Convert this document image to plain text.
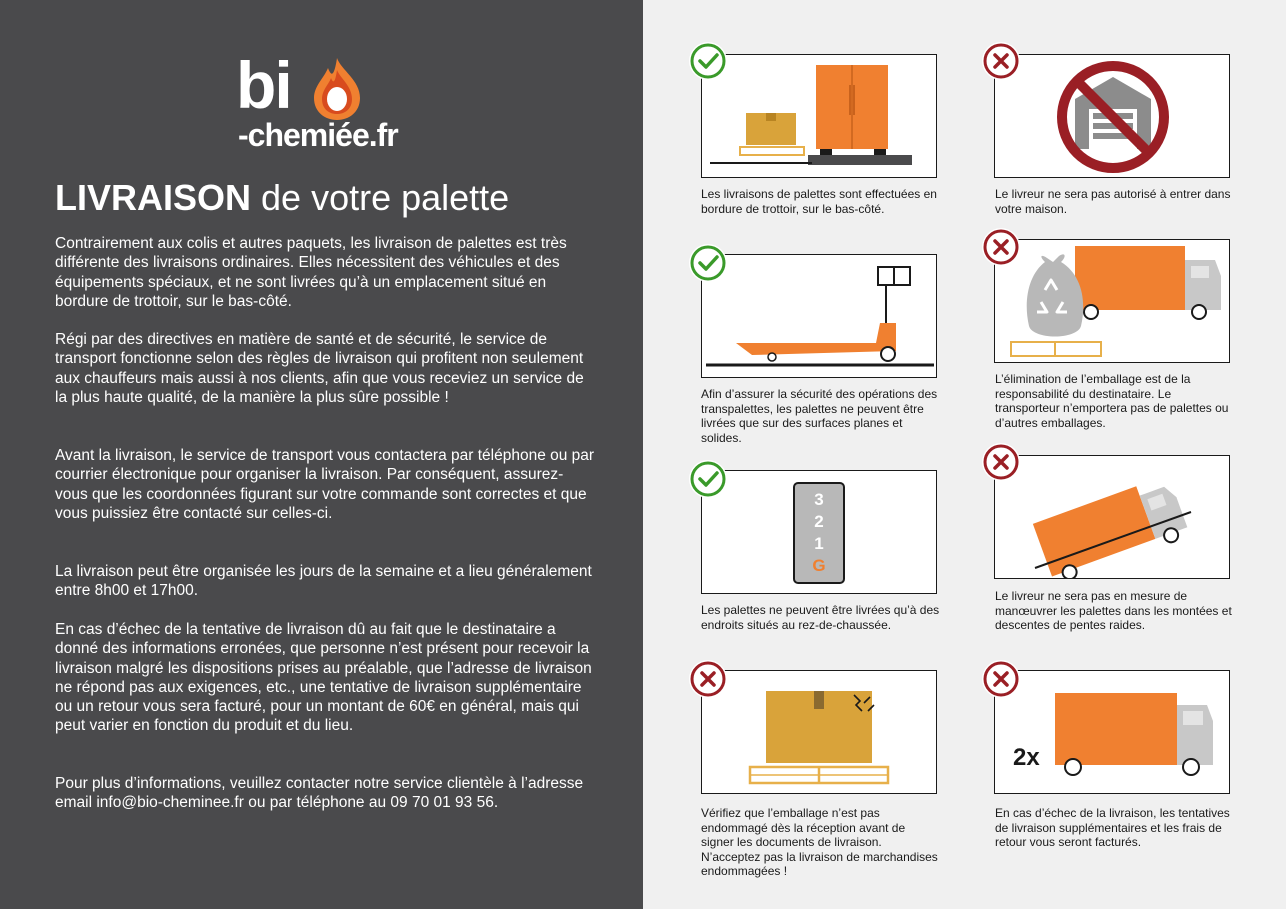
bi
-chemiée.fr
LIVRAISON de votre palette

Contrairement aux colis et autres paquets, les livraison de palettes est très différente des livraisons ordinaires. Elles nécessitent des véhicules et des équipements spéciaux, et ne sont livrées qu’à un emplacement situé en bordure de trottoir, sur le bas-côté.

Régi par des directives en matière de santé et de sécurité, le service de transport fonctionne selon des règles de livraison qui profitent non seulement aux chauffeurs mais aussi à nos clients, afin que vous receviez un service de la plus haute qualité, de la manière la plus sûre possible !

Avant la livraison, le service de transport vous contactera par téléphone ou par courrier électronique pour organiser la livraison. Par conséquent, assurez-vous que les coordonnées figurant sur votre commande sont correctes et que vous puissiez être contacté sur celles-ci.

La livraison peut être organisée les jours de la semaine et a lieu généralement entre 8h00 et 17h00.

En cas d’échec de la tentative de livraison dû au fait que le destinataire a donné des informations erronées, que personne n’est présent pour recevoir la livraison malgré les dispositions prises au préalable, que l’adresse de livraison ne répond pas aux exigences, etc., une tentative de livraison supplémentaire ou un retour vous sera facturé, pour un montant de 60€ en général, mais qui peut varier en fonction du produit et du lieu.

Pour plus d’informations, veuillez contacter notre service clientèle à l’adresse email info@bio-cheminee.fr ou par téléphone au 09 70 01 93 56.

Les livraisons de palettes sont effectuées en bordure de trottoir, sur le bas-côté.

Le livreur ne sera pas autorisé à entrer dans votre maison.

Afin d’assurer la sécurité des opérations des transpalettes, les palettes ne peuvent être livrées que sur des surfaces planes et solides.

L’élimination de l’emballage est de la responsabilité du destinataire. Le transporteur n’emportera pas de palettes ou d’autres emballages.

3
2
1
G

Les palettes ne peuvent être livrées qu’à des endroits situés au rez-de-chaussée.

Le livreur ne sera pas en mesure de manœuvrer les palettes dans les montées et descentes de pentes raides.

Vérifiez que l’emballage n’est pas endommagé dès la réception avant de signer les documents de livraison. N’acceptez pas la livraison de marchandises endommagées !

2x

En cas d’échec de la livraison, les tentatives de livraison supplémentaires et les frais de retour vous seront facturés.
